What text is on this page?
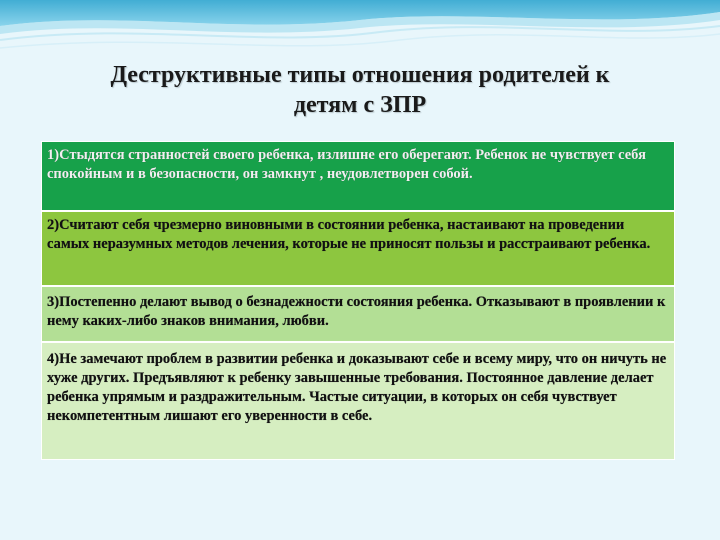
Деструктивные типы отношения родителей к
детям с ЗПР
1)Стыдятся странностей своего ребенка, излишне его оберегают. Ребенок не чувствует себя спокойным и в безопасности, он замкнут , неудовлетворен собой.
2)Считают себя чрезмерно виновными в состоянии ребенка, настаивают на проведении самых неразумных методов лечения, которые не приносят пользы и расстраивают ребенка.
3)Постепенно делают вывод о безнадежности состояния ребенка. Отказывают в проявлении к нему каких-либо знаков внимания, любви.
4)Не замечают проблем в развитии ребенка и доказывают себе и всему миру, что он ничуть не хуже других. Предъявляют к ребенку завышенные требования. Постоянное давление делает ребенка упрямым и раздражительным. Частые ситуации, в которых он себя чувствует некомпетентным лишают его уверенности в себе.
